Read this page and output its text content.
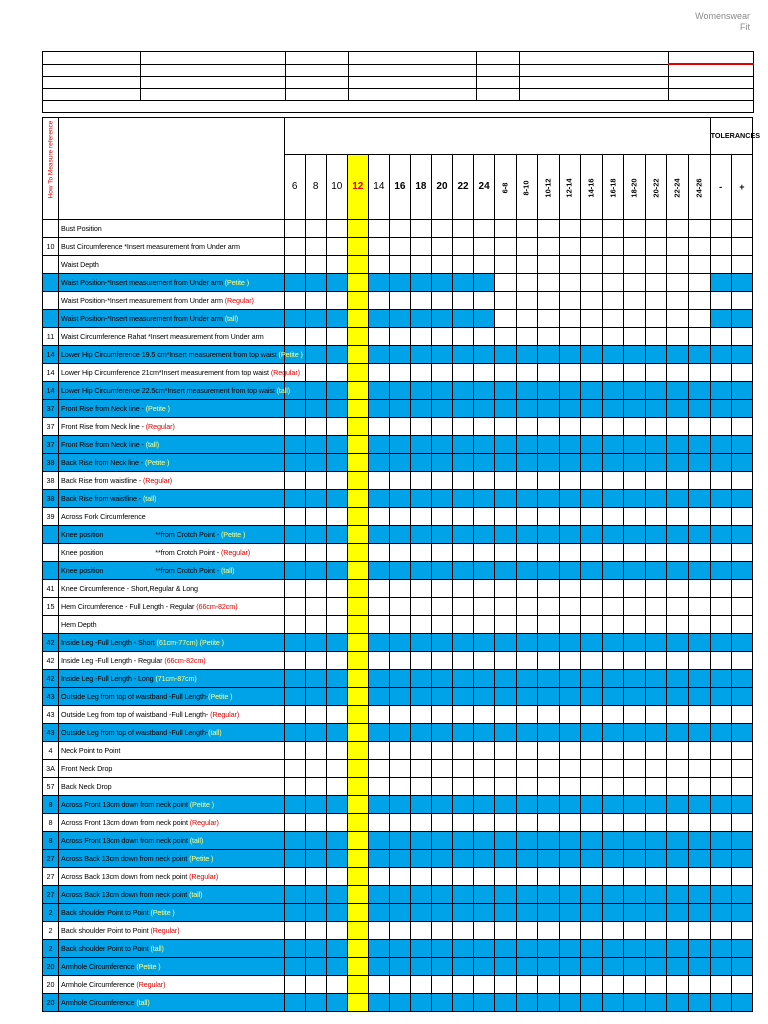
Womenswear
Fit

How To Measure reference																						TOLERANCES	
		6	8	10	12	14	16	18	20	22	24	6-8	8-10	10-12	12-14	14-16	16-18	18-20	20-22	22-24	24-26	-	+
	Bust Position																						
10	Bust Circumference *Insert measurement from Under arm																						
	Waist Depth																						
	Waist Position-*Insert measurement from Under arm (Petite )																						
	Waist Position-*Insert measurement from Under arm (Regular)																						
	Waist Position-*Insert measurement from Under arm (tall)																						
11	Waist Circumference Rahat *Insert measurement from Under arm																						
14	Lower Hip Circumference 19.5 cm*Insert measurement from top waist (Petite )																						
14	Lower Hip Circumference 21cm*Insert measurement from top waist (Regular)																						
14	Lower Hip Circumference 22.5cm*Insert measurement from top waist (tall)																						
37	Front Rise from Neck line - (Petite )																						
37	Front Rise from Neck line - (Regular)																						
37	Front Rise from Neck line - (tall)																						
38	Back Rise from Neck line - (Petite )																						
38	Back Rise from waistline - (Regular)																						
38	Back Rise from waistline - (tall)																						
39	Across Fork Circumference																						
	Knee position **from Crotch Point - (Petite )																						
	Knee position **from Crotch Point - (Regular)																						
	Knee position **from Crotch Point - (tall)																						
41	Knee Circumference - Short,Regular & Long																						
15	Hem Circumference - Full Length - Regular (66cm-82cm)																						
	Hem Depth																						
42	Inside Leg -Full Length - Short (61cm-77cm) (Petite )																						
42	Inside Leg -Full Length - Regular (66cm-82cm)																						
42	Inside Leg -Full Length - Long (71cm-87cm)																						
43	Outside Leg from top of waistband -Full Length-(Petite )																						
43	Outside Leg from top of waistband -Full Length- (Regular)																						
43	Outside Leg from top of waistband -Full Length-(tall)																						
4	Neck Point to Point																						
3A	Front Neck Drop																						
57	Back Neck Drop																						
8	Across Front 13cm down from neck point (Petite )																						
8	Across Front 13cm down from neck point (Regular)																						
8	Across Front 13cm down from neck point (tall)																						
27	Across Back 13cm down from neck point (Petite )																						
27	Across Back 13cm down from neck point (Regular)																						
27	Across Back 13cm down from neck point (tall)																						
2	Back shoulder Point to Point (Petite )																						
2	Back shoulder Point to Point (Regular)																						
2	Back shoulder Point to Point (tall)																						
20	Armhole Circumference (Petite )																						
20	Armhole Circumference (Regular)																						
20	Armhole Circumference (tall)																						
